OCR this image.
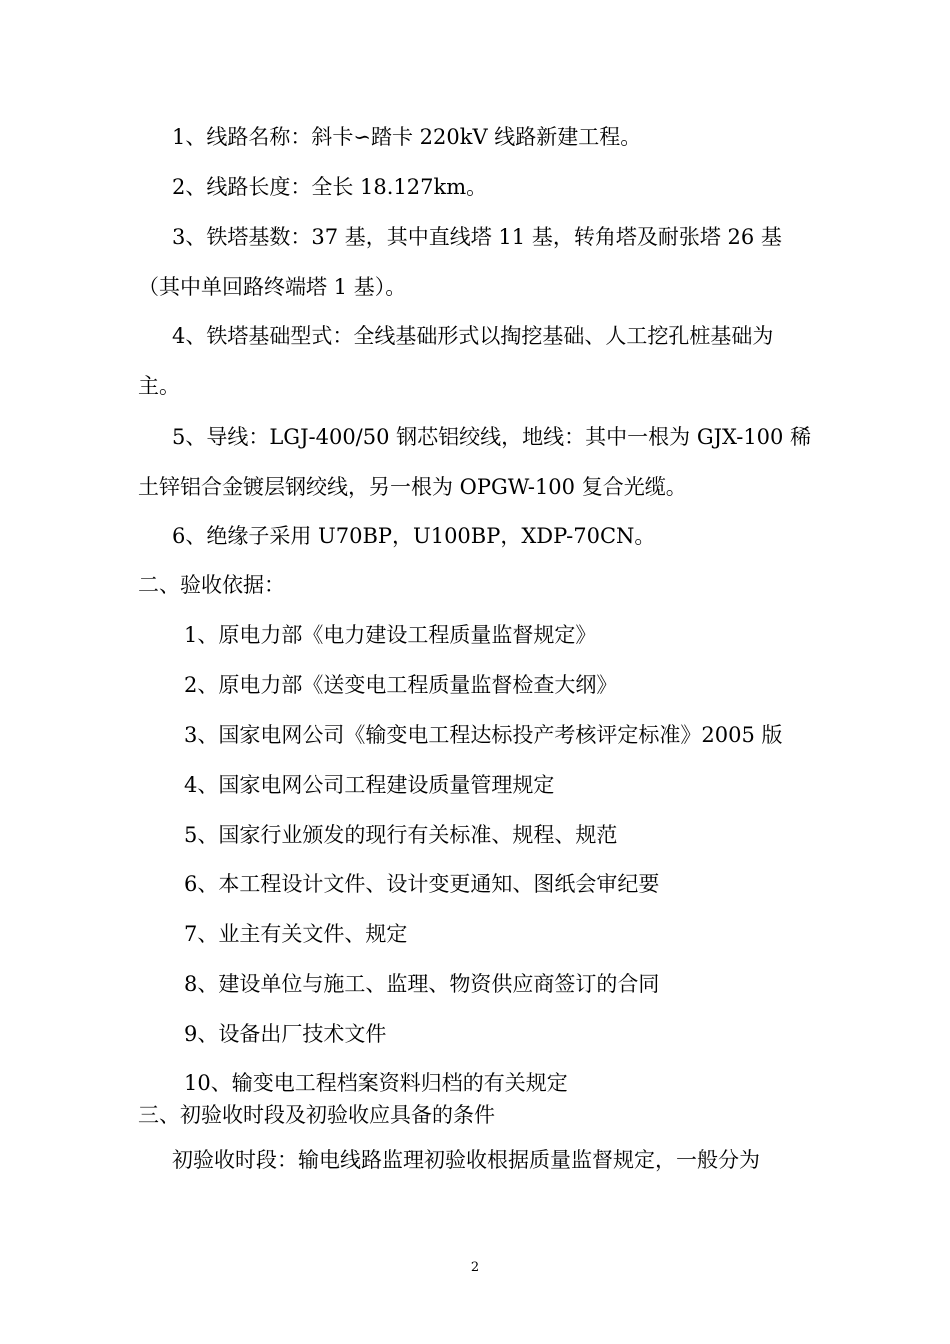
1、线路名称：斜卡∽踏卡 220kV 线路新建工程。
2、线路长度：全长 18.127km。
3、铁塔基数：37 基，其中直线塔 11 基，转角塔及耐张塔 26 基
（其中单回路终端塔 1 基）。
4、铁塔基础型式：全线基础形式以掏挖基础、人工挖孔桩基础为
主。
5、导线：LGJ-400/50 钢芯铝绞线，地线：其中一根为 GJX-100 稀
土锌铝合金镀层钢绞线，另一根为 OPGW-100 复合光缆。
6、绝缘子采用 U70BP，U100BP，XDP-70CN。
二、验收依据：
1、原电力部《电力建设工程质量监督规定》
2、原电力部《送变电工程质量监督检查大纲》
3、国家电网公司《输变电工程达标投产考核评定标准》2005 版
4、国家电网公司工程建设质量管理规定
5、国家行业颁发的现行有关标准、规程、规范
6、本工程设计文件、设计变更通知、图纸会审纪要
7、业主有关文件、规定
8、建设单位与施工、监理、物资供应商签订的合同
9、设备出厂技术文件
10、输变电工程档案资料归档的有关规定
三、初验收时段及初验收应具备的条件
初验收时段：输电线路监理初验收根据质量监督规定，一般分为
2
